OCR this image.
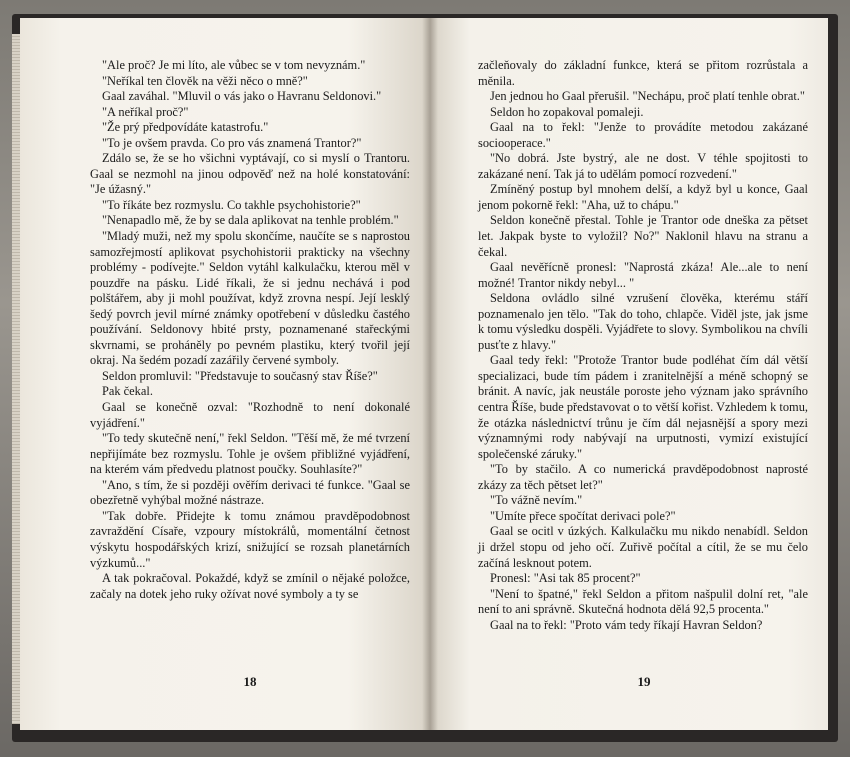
"Ale proč? Je mi líto, ale vůbec se v tom nevyznám."

"Neříkal ten člověk na věži něco o mně?"

Gaal zaváhal. "Mluvil o vás jako o Havranu Seldonovi."

"A neříkal proč?"

"Že prý předpovídáte katastrofu."

"To je ovšem pravda. Co pro vás znamená Trantor?"

Zdálo se, že se ho všichni vyptávají, co si myslí o Trantoru. Gaal se nezmohl na jinou odpověď než na holé konstatování: "Je úžasný."

"To říkáte bez rozmyslu. Co takhle psychohistorie?"

"Nenapadlo mě, že by se dala aplikovat na tenhle problém."

"Mladý muži, než my spolu skončíme, naučíte se s naprostou samozřejmostí aplikovat psychohistorii prakticky na všechny problémy - podívejte." Seldon vytáhl kalkulačku, kterou měl v pouzdře na pásku. Lidé říkali, že si jednu nechává i pod polštářem, aby ji mohl používat, když zrovna nespí. Její lesklý šedý povrch jevil mírné známky opotřebení v důsledku častého používání. Seldonovy hbité prsty, poznamenané stařeckými skvrnami, se proháněly po pevném plastiku, který tvořil její okraj. Na šedém pozadí zazářily červené symboly.

Seldon promluvil: "Představuje to současný stav Říše?"

Pak čekal.

Gaal se konečně ozval: "Rozhodně to není dokonalé vyjádření."

"To tedy skutečně není," řekl Seldon. "Těší mě, že mé tvrzení nepřijímáte bez rozmyslu. Tohle je ovšem přibližné vyjádření, na kterém vám předvedu platnost poučky. Souhlasíte?"

"Ano, s tím, že si později ověřím derivaci té funkce. "Gaal se obezřetně vyhýbal možné nástraze.

"Tak dobře. Přidejte k tomu známou pravděpodobnost zavraždění Císaře, vzpoury místokrálů, momentální četnost výskytu hospodářských krizí, snižující se rozsah planetárních výzkumů..."

A tak pokračoval. Pokaždé, když se zmínil o nějaké položce, začaly na dotek jeho ruky ožívat nové symboly a ty se

18

začleňovaly do základní funkce, která se přitom rozrůstala a měnila.

Jen jednou ho Gaal přerušil. "Nechápu, proč platí tenhle obrat."

Seldon ho zopakoval pomaleji.

Gaal na to řekl: "Jenže to provádíte metodou zakázané sociooperace."

"No dobrá. Jste bystrý, ale ne dost. V téhle spojitosti to zakázané není. Tak já to udělám pomocí rozvedení."

Zmíněný postup byl mnohem delší, a když byl u konce, Gaal jenom pokorně řekl: "Aha, už to chápu."

Seldon konečně přestal. Tohle je Trantor ode dneška za pětset let. Jakpak byste to vyložil? No?" Naklonil hlavu na stranu a čekal.

Gaal nevěřícně pronesl: "Naprostá zkáza! Ale...ale to není možné! Trantor nikdy nebyl... "

Seldona ovládlo silné vzrušení člověka, kterému stáří poznamenalo jen tělo. "Tak do toho, chlapče. Viděl jste, jak jsme k tomu výsledku dospěli. Vyjádřete to slovy. Symbolikou na chvíli pusťte z hlavy."

Gaal tedy řekl: "Protože Trantor bude podléhat čím dál větší specializaci, bude tím pádem i zranitelnější a méně schopný se bránit. A navíc, jak neustále poroste jeho význam jako správního centra Říše, bude představovat o to větší kořist. Vzhledem k tomu, že otázka následnictví trůnu je čím dál nejasnější a spory mezi významnými rody nabývají na urputnosti, vymizí existující společenské záruky."

"To by stačilo. A co numerická pravděpodobnost naprosté zkázy za těch pětset let?"

"To vážně nevím."

"Umíte přece spočítat derivaci pole?"

Gaal se ocitl v úzkých. Kalkulačku mu nikdo nenabídl. Seldon ji držel stopu od jeho očí. Zuřivě počítal a cítil, že se mu čelo začíná lesknout potem.

Pronesl: "Asi tak 85 procent?"

"Není to špatné," řekl Seldon a přitom našpulil dolní ret, "ale není to ani správně. Skutečná hodnota dělá 92,5 procenta."

Gaal na to řekl: "Proto vám tedy říkají Havran Seldon?

19
